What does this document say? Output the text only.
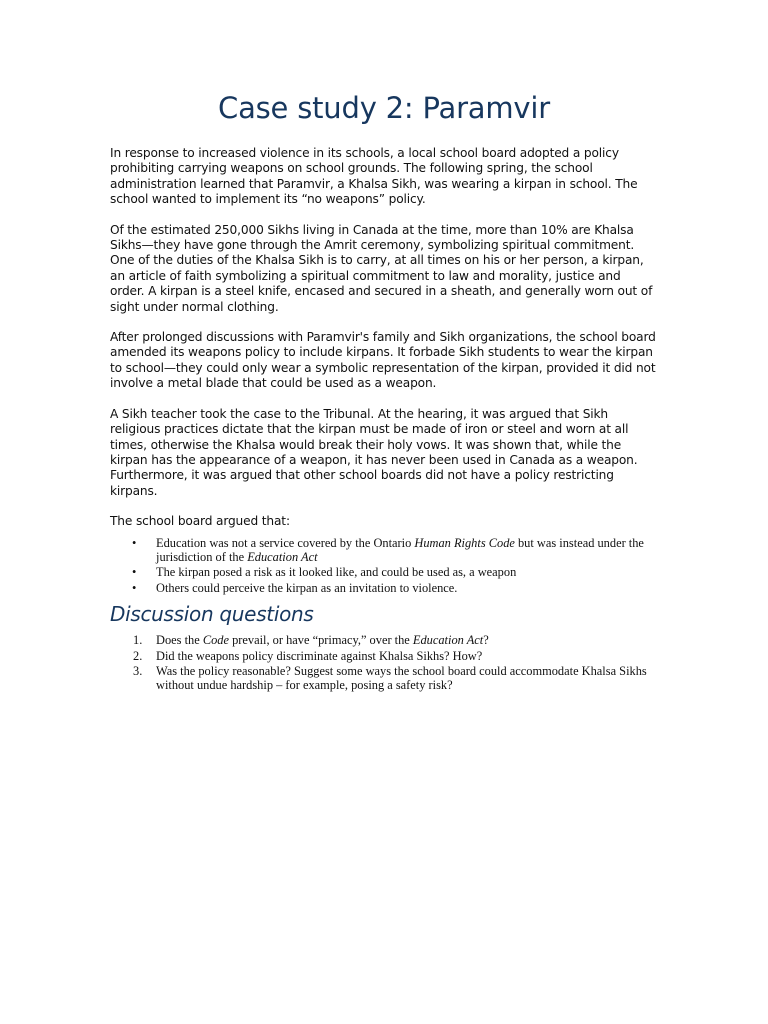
Case study 2: Paramvir

In response to increased violence in its schools, a local school board adopted a policy prohibiting carrying weapons on school grounds. The following spring, the school administration learned that Paramvir, a Khalsa Sikh, was wearing a kirpan in school. The school wanted to implement its “no weapons” policy.

Of the estimated 250,000 Sikhs living in Canada at the time, more than 10% are Khalsa Sikhs—they have gone through the Amrit ceremony, symbolizing spiritual commitment. One of the duties of the Khalsa Sikh is to carry, at all times on his or her person, a kirpan, an article of faith symbolizing a spiritual commitment to law and morality, justice and order. A kirpan is a steel knife, encased and secured in a sheath, and generally worn out of sight under normal clothing.

After prolonged discussions with Paramvir's family and Sikh organizations, the school board amended its weapons policy to include kirpans. It forbade Sikh students to wear the kirpan to school—they could only wear a symbolic representation of the kirpan, provided it did not involve a metal blade that could be used as a weapon.

A Sikh teacher took the case to the Tribunal. At the hearing, it was argued that Sikh religious practices dictate that the kirpan must be made of iron or steel and worn at all times, otherwise the Khalsa would break their holy vows. It was shown that, while the kirpan has the appearance of a weapon, it has never been used in Canada as a weapon. Furthermore, it was argued that other school boards did not have a policy restricting kirpans.

The school board argued that:

• Education was not a service covered by the Ontario Human Rights Code but was instead under the jurisdiction of the Education Act
• The kirpan posed a risk as it looked like, and could be used as, a weapon
• Others could perceive the kirpan as an invitation to violence.
Discussion questions
1. Does the Code prevail, or have “primacy,” over the Education Act?
2. Did the weapons policy discriminate against Khalsa Sikhs? How?
3. Was the policy reasonable? Suggest some ways the school board could accommodate Khalsa Sikhs without undue hardship – for example, posing a safety risk?
